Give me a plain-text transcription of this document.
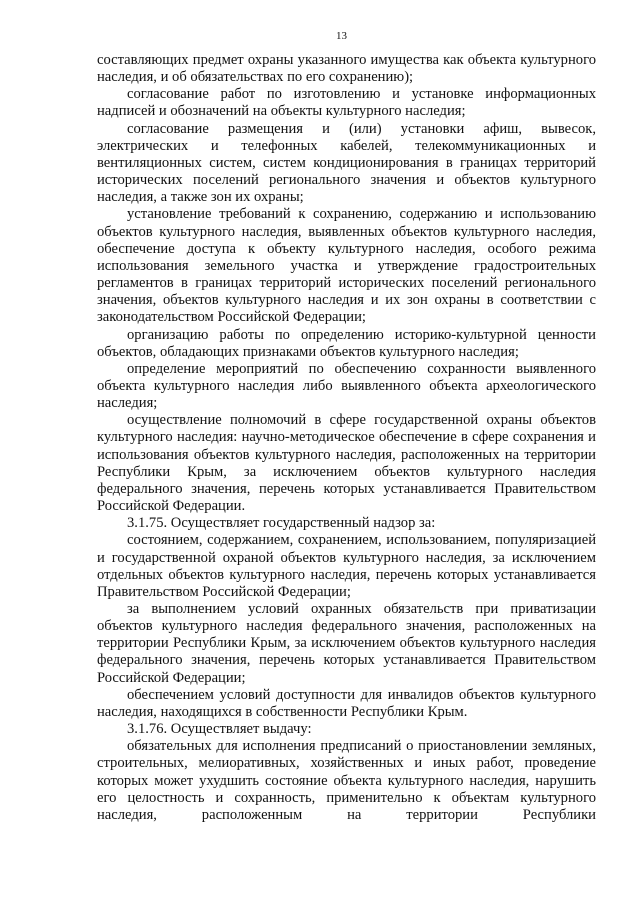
13

составляющих предмет охраны указанного имущества как объекта культурного наследия, и об обязательствах по его сохранению);

согласование работ по изготовлению и установке информационных надписей и обозначений на объекты культурного наследия;

согласование размещения и (или) установки афиш, вывесок, электрических и телефонных кабелей, телекоммуникационных и вентиляционных систем, систем кондиционирования в границах территорий исторических поселений регионального значения и объектов культурного наследия, а также зон их охраны;

установление требований к сохранению, содержанию и использованию объектов культурного наследия, выявленных объектов культурного наследия, обеспечение доступа к объекту культурного наследия, особого режима использования земельного участка и утверждение градостроительных регламентов в границах территорий исторических поселений регионального значения, объектов культурного наследия и их зон охраны в соответствии с законодательством Российской Федерации;

организацию работы по определению историко-культурной ценности объектов, обладающих признаками объектов культурного наследия;

определение мероприятий по обеспечению сохранности выявленного объекта культурного наследия либо выявленного объекта археологического наследия;

осуществление полномочий в сфере государственной охраны объектов культурного наследия: научно-методическое обеспечение в сфере сохранения и использования объектов культурного наследия, расположенных на территории Республики Крым, за исключением объектов культурного наследия федерального значения, перечень которых устанавливается Правительством Российской Федерации.

3.1.75. Осуществляет государственный надзор за:

состоянием, содержанием, сохранением, использованием, популяризацией и государственной охраной объектов культурного наследия, за исключением отдельных объектов культурного наследия, перечень которых устанавливается Правительством Российской Федерации;

за выполнением условий охранных обязательств при приватизации объектов культурного наследия федерального значения, расположенных на территории Республики Крым, за исключением объектов культурного наследия федерального значения, перечень которых устанавливается Правительством Российской Федерации;

обеспечением условий доступности для инвалидов объектов культурного наследия, находящихся в собственности Республики Крым.

3.1.76. Осуществляет выдачу:

обязательных для исполнения предписаний о приостановлении земляных, строительных, мелиоративных, хозяйственных и иных работ, проведение которых может ухудшить состояние объекта культурного наследия, нарушить его целостность и сохранность, применительно к объектам культурного наследия, расположенным на территории Республики
